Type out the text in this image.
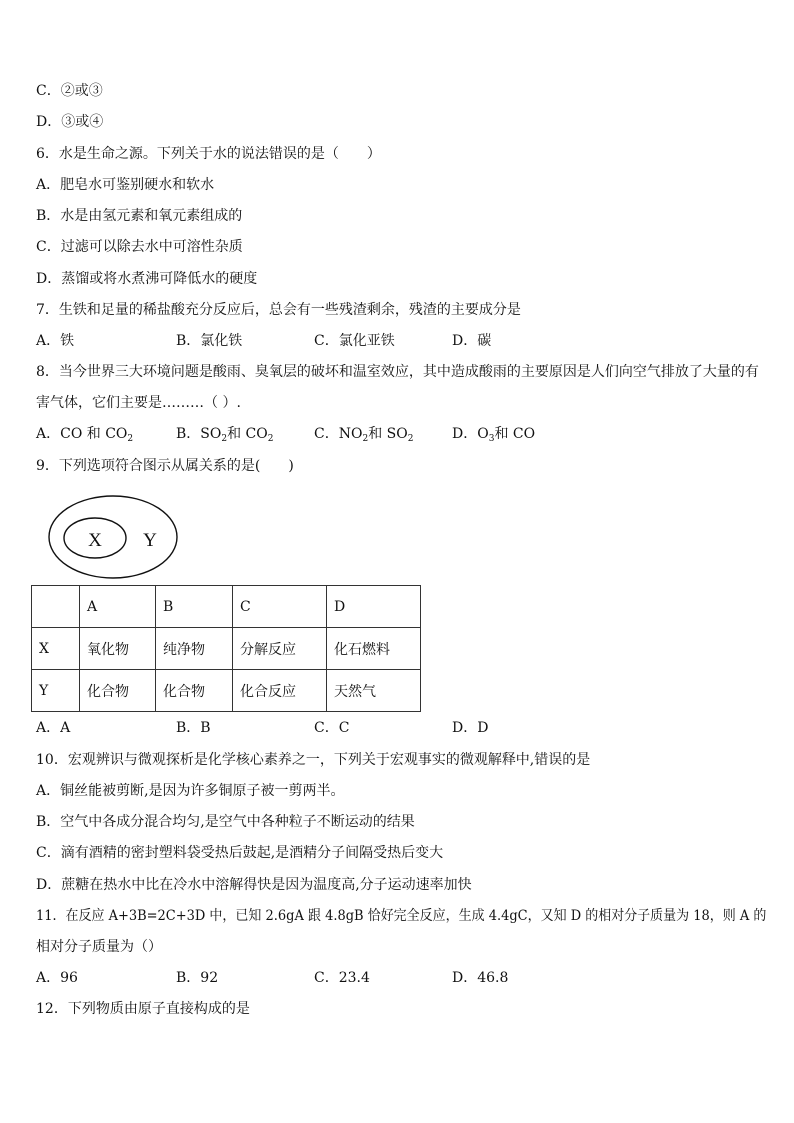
C．②或③
D．③或④
6．水是生命之源。下列关于水的说法错误的是（　　）
A．肥皂水可鉴别硬水和软水
B．水是由氢元素和氧元素组成的
C．过滤可以除去水中可溶性杂质
D．蒸馏或将水煮沸可降低水的硬度
7．生铁和足量的稀盐酸充分反应后，总会有一些残渣剩余，残渣的主要成分是
A．铁	B．氯化铁	C．氯化亚铁	D．碳
8．当今世界三大环境问题是酸雨、臭氧层的破坏和温室效应，其中造成酸雨的主要原因是人们向空气排放了大量的有
害气体，它们主要是………（ ）.
A．CO 和 $CO_2$	B．$SO_2$和 $CO_2$	C．$NO_2$和 $SO_2$	D．$O_3$和 CO
9．下列选项符合图示从属关系的是(　　)
X Y
	A	B	C	D
X	氧化物	纯净物	分解反应	化石燃料
Y	化合物	化合物	化合反应	天然气
A．A	B．B	C．C	D．D
10．宏观辨识与微观探析是化学核心素养之一，下列关于宏观事实的微观解释中,错误的是
A．铜丝能被剪断,是因为许多铜原子被一剪两半。
B．空气中各成分混合均匀,是空气中各种粒子不断运动的结果
C．滴有酒精的密封塑料袋受热后鼓起,是酒精分子间隔受热后变大
D．蔗糖在热水中比在冷水中溶解得快是因为温度高,分子运动速率加快
11．在反应 A+3B=2C+3D 中，已知 2.6gA 跟 4.8gB 恰好完全反应，生成 4.4gC，又知 D 的相对分子质量为 18，则 A 的
相对分子质量为（）
A．96	B．92	C．23.4	D．46.8
12．下列物质由原子直接构成的是
